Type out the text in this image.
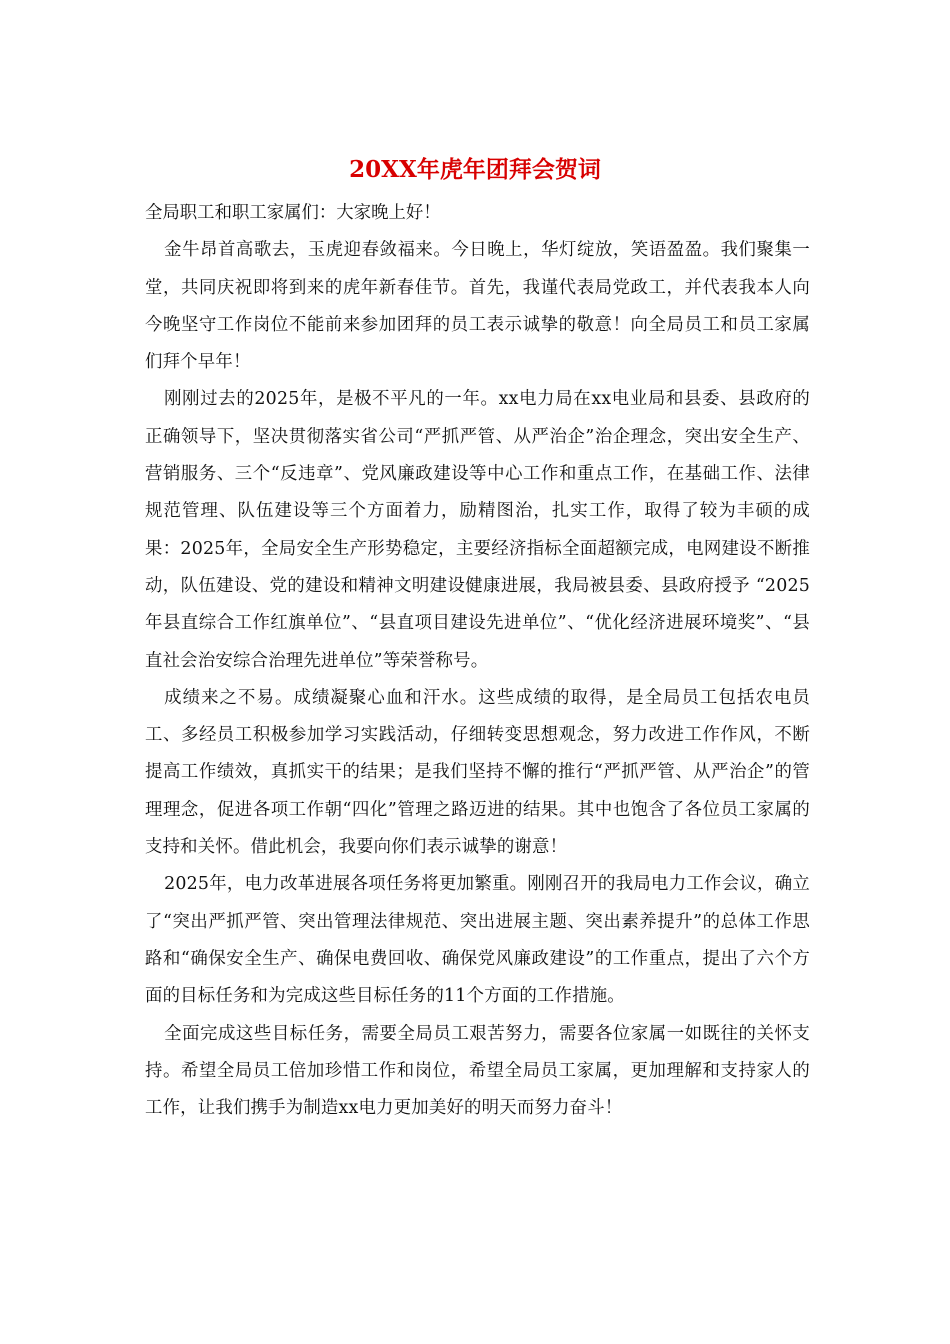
20XX年虎年团拜会贺词

全局职工和职工家属们：大家晚上好！

金牛昂首高歌去，玉虎迎春敛福来。今日晚上，华灯绽放，笑语盈盈。我们聚集一堂，共同庆祝即将到来的虎年新春佳节。首先，我谨代表局党政工，并代表我本人向今晚坚守工作岗位不能前来参加团拜的员工表示诚挚的敬意！向全局员工和员工家属们拜个早年！

刚刚过去的2025年，是极不平凡的一年。xx电力局在xx电业局和县委、县政府的正确领导下，坚决贯彻落实省公司“严抓严管、从严治企”治企理念，突出安全生产、营销服务、三个“反违章”、党风廉政建设等中心工作和重点工作，在基础工作、法律规范管理、队伍建设等三个方面着力，励精图治，扎实工作，取得了较为丰硕的成果：2025年，全局安全生产形势稳定，主要经济指标全面超额完成，电网建设不断推动，队伍建设、党的建设和精神文明建设健康进展，我局被县委、县政府授予 “2025年县直综合工作红旗单位”、“县直项目建设先进单位”、“优化经济进展环境奖”、“县直社会治安综合治理先进单位”等荣誉称号。

成绩来之不易。成绩凝聚心血和汗水。这些成绩的取得，是全局员工包括农电员工、多经员工积极参加学习实践活动，仔细转变思想观念，努力改进工作作风，不断提高工作绩效，真抓实干的结果；是我们坚持不懈的推行“严抓严管、从严治企”的管理理念，促进各项工作朝“四化”管理之路迈进的结果。其中也饱含了各位员工家属的支持和关怀。借此机会，我要向你们表示诚挚的谢意！

2025年，电力改革进展各项任务将更加繁重。刚刚召开的我局电力工作会议，确立了“突出严抓严管、突出管理法律规范、突出进展主题、突出素养提升”的总体工作思路和“确保安全生产、确保电费回收、确保党风廉政建设”的工作重点，提出了六个方面的目标任务和为完成这些目标任务的11个方面的工作措施。

全面完成这些目标任务，需要全局员工艰苦努力，需要各位家属一如既往的关怀支持。希望全局员工倍加珍惜工作和岗位，希望全局员工家属，更加理解和支持家人的工作，让我们携手为制造xx电力更加美好的明天而努力奋斗！
